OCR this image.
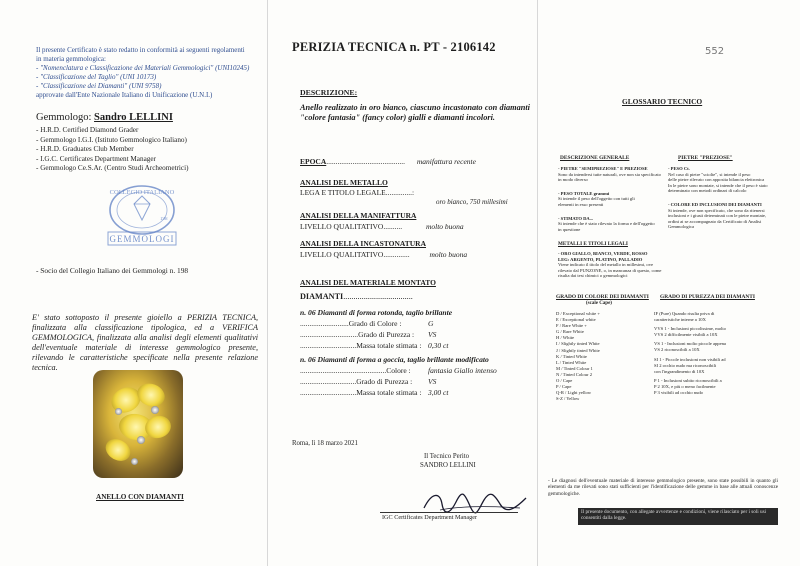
Il presente Certificato è stato redatto in conformità ai seguenti regolamenti
in materia gemmologica:
- "Nomenclatura e Classificazione dei Materiali Gemmologici" (UNI10245)
- "Classificazione del Taglio" (UNI 10173)
- "Classificazione dei Diamanti" (UNI 9758)
approvate dall'Ente Nazionale Italiano di Unificazione (U.N.I.)
Gemmologo: Sandro LELLINI
- H.R.D. Certified Diamond Grader
- Gemmologo I.G.I. (Istituto Gemmologico Italiano)
- H.R.D. Graduates Club Member
- I.G.C. Certificates Department Manager
- Gemmologo Ce.S.Ar. (Centro Studi Archeometrici)
COLLEGIO ITALIANO
198
GEMMOLOGI
- Socio del Collegio Italiano dei Gemmologi n. 198
E' stato sottoposto il presente gioiello a PERIZIA TECNICA, finalizzata alla classificazione tipologica, ed a VERIFICA GEMMOLOGICA, finalizzata alla analisi degli elementi qualitativi dell'eventuale materiale di interesse gemmologico presente, rilevando le caratteristiche specificate nella presente relazione tecnica.
ANELLO CON DIAMANTI
PERIZIA TECNICA n. PT - 2106142
DESCRIZIONE:
Anello realizzato in oro bianco, ciascuno incastonato con diamanti "colore fantasia" (fancy color) gialli e diamanti incolori.
EPOCA.......................................... manifattura recente
ANALISI DEL METALLO
LEGA E TITOLO LEGALE..............:
oro bianco, 750 millesimi
ANALISI DELLA MANIFATTURA
LIVELLO QUALITATIVO..........	molto buona
ANALISI DELLA INCASTONATURA
LIVELLO QUALITATIVO..............	molto buona
ANALISI DEL MATERIALE MONTATO
DIAMANTI..................................
n. 06 Diamanti di forma rotonda, taglio brillante
..........................Grado di Colore :	G
...............................Grado di Purezza : VS
..............................Massa totale stimata : 0,30 ct
n. 06 Diamanti di forma a goccia, taglio brillante modificato
..............................................Colore : fantasia Giallo intenso
..............................Grado di Purezza : VS
..............................Massa totale stimata : 3,00 ct
Roma, lì 18 marzo 2021
Il Tecnico Perito
SANDRO LELLINI
IGC Certificates Department Manager
552
GLOSSARIO TECNICO
DESCRIZIONE GENERALE
- PIETRE "SEMIPREZIOSE" E PREZIOSE
Sono da intendersi tutte naturali, ove non sia specificato
in modo diverso
- PESO TOTALE grammi
Si intende il peso dell'oggetto con tutti gli
elementi in esso presenti
- STIMATO DA...
Si intende che è stato rilevato la forma e dell'oggetto
in questione
METALLI E TITOLI LEGALI
- ORO GIALLO, BIANCO, VERDE, ROSSO
LEG: ARGENTO, PLATINO, PALLADIO
Viene indicato il titolo del metallo in millesimi, ove
rilevato dal PUNZONE, o, in mancanza di questo, come
risulta dai test chimici o gemmologici
PIETRE "PREZIOSE"
- PESO Ct.
Nel caso di pietre "sciolte", si intende il peso
delle pietre rilevato con apposita bilancia elettronica
In le pietre sono montate, si intende che il peso è stato
determinato con metodi ordinari di calcolo
- COLORE ED INCLUSIONI DEI DIAMANTI
Si intende, ove non specificato, che sono da ritenersi
inclusioni e i giusti determinati con le pietre montate,
ordini ai se accompagnato da Certificato di Analisi
Gemmologica
GRADO DI COLORE DEI DIAMANTI
(scale Cape)
D / Exceptional white +
E / Exceptional white
F / Rare White +
G / Rare White
H / White
I / Slightly tinted White
J / Slightly tinted White
K / Tinted White
L / Tinted White
M / Tinted Colour 1
N / Tinted Colour 2
O / Cape
P / Cape
Q-R / Light yellow
S-Z / Yellow
GRADO DI PUREZZA DEI DIAMANTI
IF (Pure) Quando risulta priva di
caratteristiche interne a 10X
VVS 1 - Inclusioni piccolissime, molto
VVS 2 difficilmente visibili a 10X
VS 1 - Inclusioni molto piccole appena
VS 2 riconoscibili a 10X
SI 1 - Piccole inclusioni non visibili ad
SI 2 occhio nudo ma riconoscibili
con l'ingrandimento di 10X
P 1 - Inclusioni subito riconoscibili a
P 2 10X, e più o meno facilmente
P 3 visibili ad occhio nudo
- Le diagnosi dell'eventuale materiale di interesse gemmologico presente, sono state possibili in quanto gli elementi da me rilevati sono stati sufficienti per l'identificazione delle gemme in base alle attuali conoscenze gemmologiche.
Il presente documento, con allegate avvertenze e condizioni, viene rilasciato per i soli usi consentiti dalla legge.
